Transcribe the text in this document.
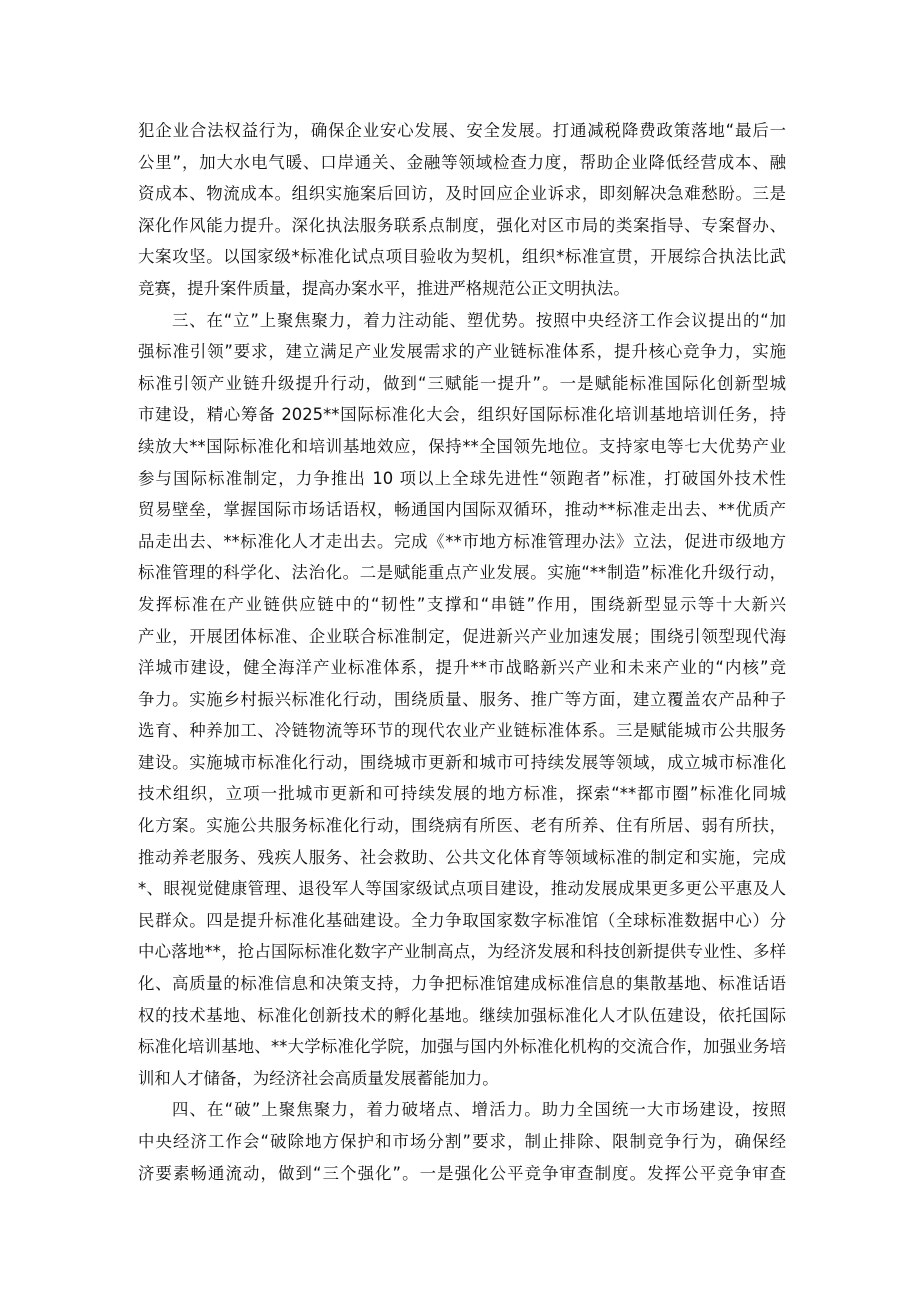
犯企业合法权益行为，确保企业安心发展、安全发展。打通减税降费政策落地“最后一
公里”，加大水电气暖、口岸通关、金融等领域检查力度，帮助企业降低经营成本、融
资成本、物流成本。组织实施案后回访，及时回应企业诉求，即刻解决急难愁盼。三是
深化作风能力提升。深化执法服务联系点制度，强化对区市局的类案指导、专案督办、
大案攻坚。以国家级*标准化试点项目验收为契机，组织*标准宣贯，开展综合执法比武
竞赛，提升案件质量，提高办案水平，推进严格规范公正文明执法。
三、在“立”上聚焦聚力，着力注动能、塑优势。按照中央经济工作会议提出的“加
强标准引领”要求，建立满足产业发展需求的产业链标准体系，提升核心竞争力，实施
标准引领产业链升级提升行动，做到“三赋能一提升”。一是赋能标准国际化创新型城
市建设，精心筹备 2025**国际标准化大会，组织好国际标准化培训基地培训任务，持
续放大**国际标准化和培训基地效应，保持**全国领先地位。支持家电等七大优势产业
参与国际标准制定，力争推出 10 项以上全球先进性“领跑者”标准，打破国外技术性
贸易壁垒，掌握国际市场话语权，畅通国内国际双循环，推动**标准走出去、**优质产
品走出去、**标准化人才走出去。完成《**市地方标准管理办法》立法，促进市级地方
标准管理的科学化、法治化。二是赋能重点产业发展。实施“**制造”标准化升级行动，
发挥标准在产业链供应链中的“韧性”支撑和“串链”作用，围绕新型显示等十大新兴
产业，开展团体标准、企业联合标准制定，促进新兴产业加速发展；围绕引领型现代海
洋城市建设，健全海洋产业标准体系，提升**市战略新兴产业和未来产业的“内核”竞
争力。实施乡村振兴标准化行动，围绕质量、服务、推广等方面，建立覆盖农产品种子
选育、种养加工、冷链物流等环节的现代农业产业链标准体系。三是赋能城市公共服务
建设。实施城市标准化行动，围绕城市更新和城市可持续发展等领域，成立城市标准化
技术组织，立项一批城市更新和可持续发展的地方标准，探索“**都市圈”标准化同城
化方案。实施公共服务标准化行动，围绕病有所医、老有所养、住有所居、弱有所扶，
推动养老服务、残疾人服务、社会救助、公共文化体育等领域标准的制定和实施，完成
*、眼视觉健康管理、退役军人等国家级试点项目建设，推动发展成果更多更公平惠及人
民群众。四是提升标准化基础建设。全力争取国家数字标准馆（全球标准数据中心）分
中心落地**，抢占国际标准化数字产业制高点，为经济发展和科技创新提供专业性、多样
化、高质量的标准信息和决策支持，力争把标准馆建成标准信息的集散基地、标准话语
权的技术基地、标准化创新技术的孵化基地。继续加强标准化人才队伍建设，依托国际
标准化培训基地、**大学标准化学院，加强与国内外标准化机构的交流合作，加强业务培
训和人才储备，为经济社会高质量发展蓄能加力。
四、在“破”上聚焦聚力，着力破堵点、增活力。助力全国统一大市场建设，按照
中央经济工作会“破除地方保护和市场分割”要求，制止排除、限制竞争行为，确保经
济要素畅通流动，做到“三个强化”。一是强化公平竞争审查制度。发挥公平竞争审查
